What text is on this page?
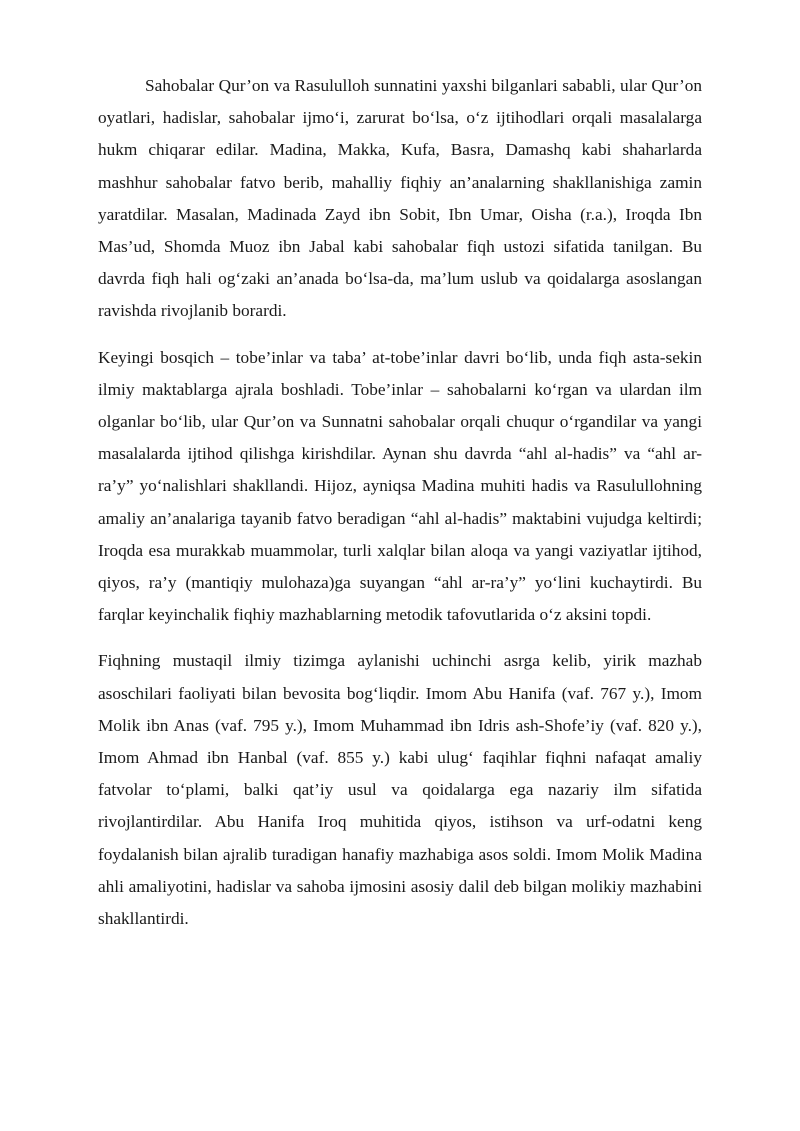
Sahobalar Qur’on va Rasululloh sunnatini yaxshi bilganlari sababli, ular Qur’on oyatlari, hadislar, sahobalar ijmo‘i, zarurat bo‘lsa, o‘z ijtihodlari orqali masalalarga hukm chiqarar edilar. Madina, Makka, Kufa, Basra, Damashq kabi shaharlarda mashhur sahobalar fatvo berib, mahalliy fiqhiy an’analarning shakllanishiga zamin yaratdilar. Masalan, Madinada Zayd ibn Sobit, Ibn Umar, Oisha (r.a.), Iroqda Ibn Mas’ud, Shomda Muoz ibn Jabal kabi sahobalar fiqh ustozi sifatida tanilgan. Bu davrda fiqh hali og‘zaki an’anada bo‘lsa-da, ma’lum uslub va qoidalarga asoslangan ravishda rivojlanib borardi.

Keyingi bosqich – tobe’inlar va taba’ at-tobe’inlar davri bo‘lib, unda fiqh asta-sekin ilmiy maktablarga ajrala boshladi. Tobe’inlar – sahobalarni ko‘rgan va ulardan ilm olganlar bo‘lib, ular Qur’on va Sunnatni sahobalar orqali chuqur o‘rgandilar va yangi masalalarda ijtihod qilishga kirishdilar. Aynan shu davrda “ahl al-hadis” va “ahl ar-ra’y” yo‘nalishlari shakllandi. Hijoz, ayniqsa Madina muhiti hadis va Rasulullohning amaliy an’analariga tayanib fatvo beradigan “ahl al-hadis” maktabini vujudga keltirdi; Iroqda esa murakkab muammolar, turli xalqlar bilan aloqa va yangi vaziyatlar ijtihod, qiyos, ra’y (mantiqiy mulohaza)ga suyangan “ahl ar-ra’y” yo‘lini kuchaytirdi. Bu farqlar keyinchalik fiqhiy mazhablarning metodik tafovutlarida o‘z aksini topdi.

Fiqhning mustaqil ilmiy tizimga aylanishi uchinchi asrga kelib, yirik mazhab asoschilari faoliyati bilan bevosita bog‘liqdir. Imom Abu Hanifa (vaf. 767 y.), Imom Molik ibn Anas (vaf. 795 y.), Imom Muhammad ibn Idris ash-Shofe’iy (vaf. 820 y.), Imom Ahmad ibn Hanbal (vaf. 855 y.) kabi ulug‘ faqihlar fiqhni nafaqat amaliy fatvolar to‘plami, balki qat’iy usul va qoidalarga ega nazariy ilm sifatida rivojlantirdilar. Abu Hanifa Iroq muhitida qiyos, istihson va urf-odatni keng foydalanish bilan ajralib turadigan hanafiy mazhabiga asos soldi. Imom Molik Madina ahli amaliyotini, hadislar va sahoba ijmosini asosiy dalil deb bilgan molikiy mazhabini shakllantirdi.
